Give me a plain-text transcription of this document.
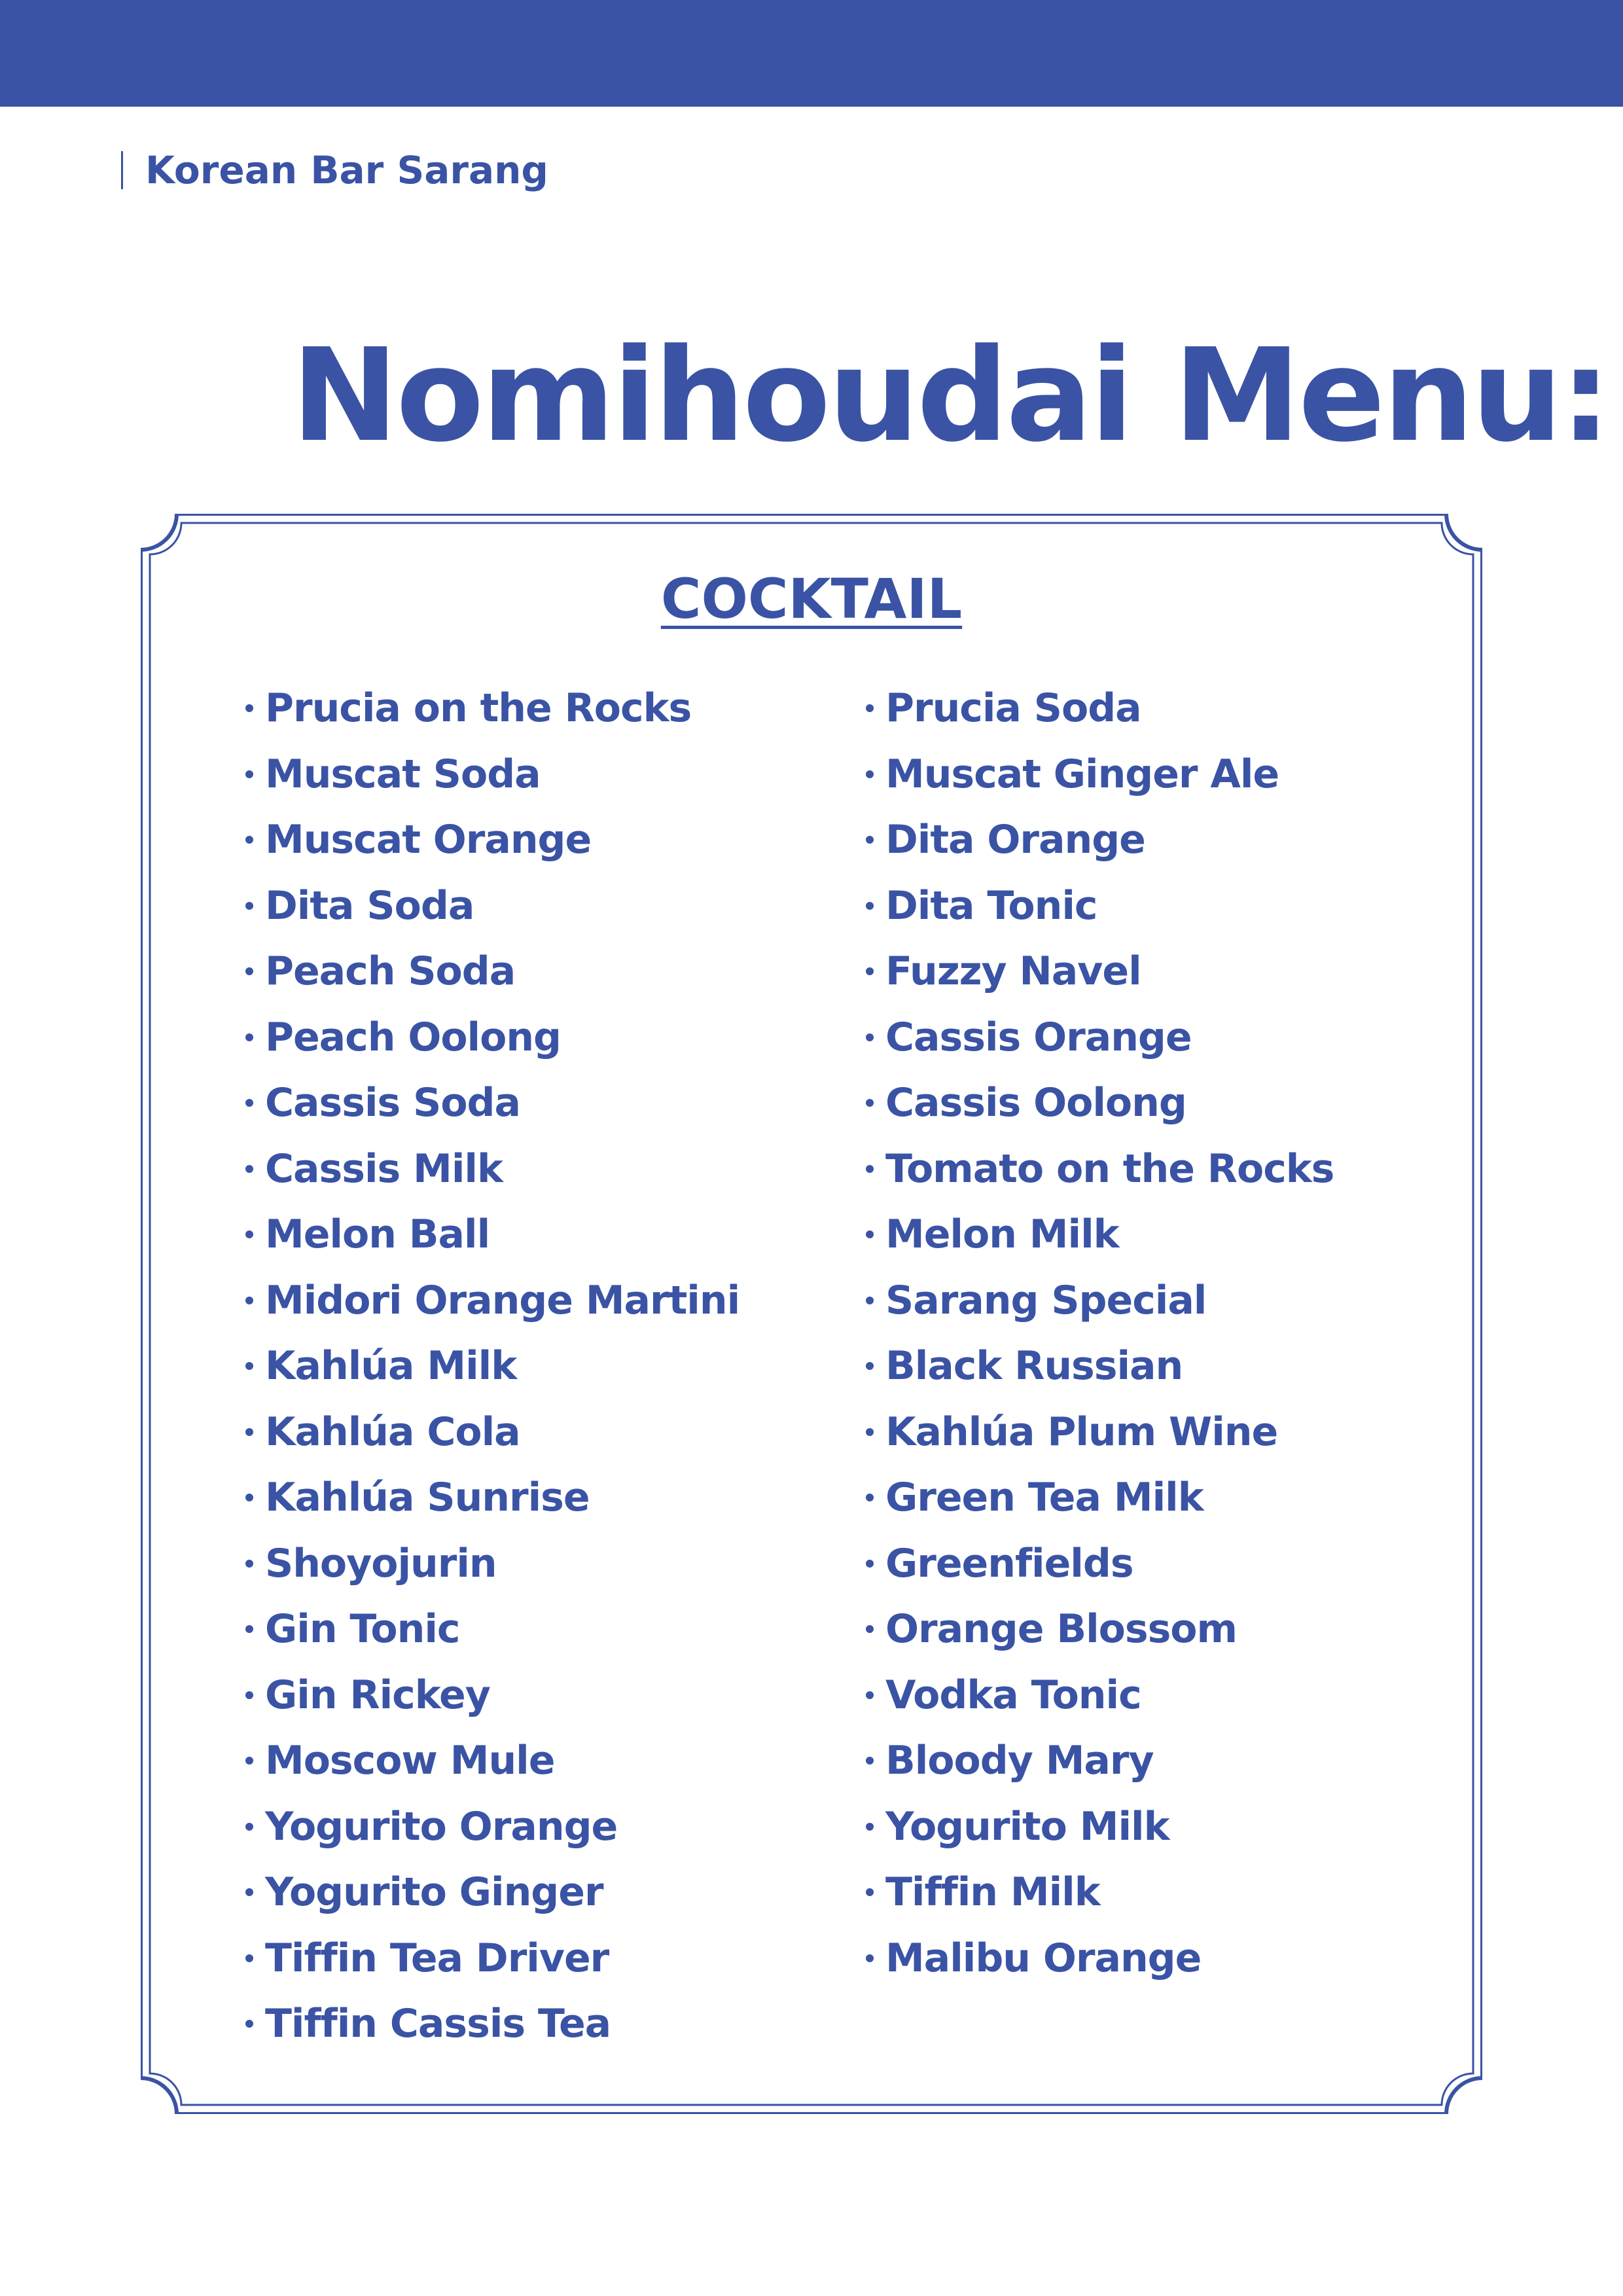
Korean Bar Sarang
Nomihoudai Menu:
COCKTAIL
Prucia on the Rocks
Muscat Soda
Muscat Orange
Dita Soda
Peach Soda
Peach Oolong
Cassis Soda
Cassis Milk
Melon Ball
Midori Orange Martini
Kahlúa Milk
Kahlúa Cola
Kahlúa Sunrise
Shoyojurin
Gin Tonic
Gin Rickey
Moscow Mule
Yogurito Orange
Yogurito Ginger
Tiffin Tea Driver
Tiffin Cassis Tea
Prucia Soda
Muscat Ginger Ale
Dita Orange
Dita Tonic
Fuzzy Navel
Cassis Orange
Cassis Oolong
Tomato on the Rocks
Melon Milk
Sarang Special
Black Russian
Kahlúa Plum Wine
Green Tea Milk
Greenfields
Orange Blossom
Vodka Tonic
Bloody Mary
Yogurito Milk
Tiffin Milk
Malibu Orange
